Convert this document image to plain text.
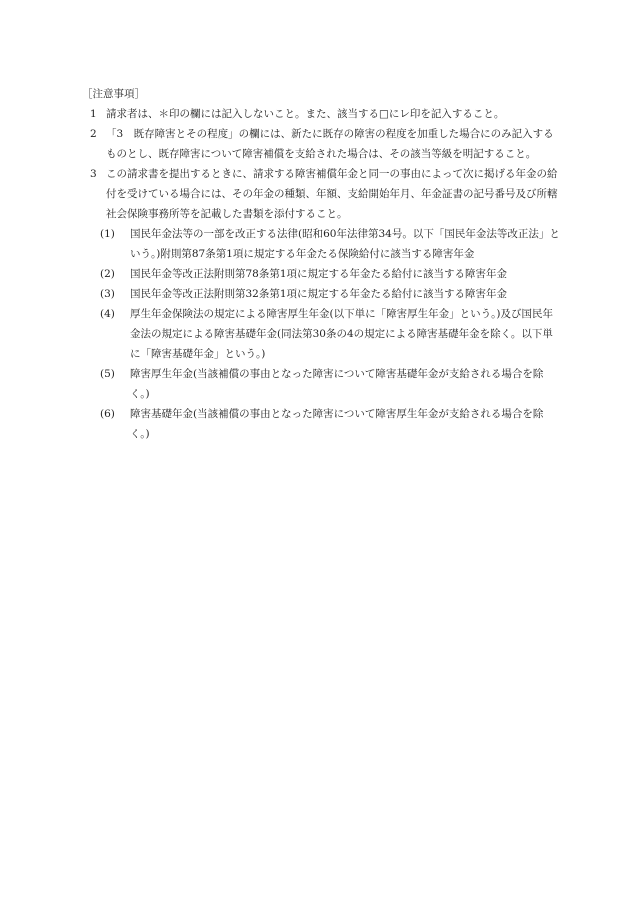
［注意事項］
1 請求者は、＊印の欄には記入しないこと。また、該当する□にレ印を記入すること。
2 「3　既存障害とその程度」の欄には、新たに既存の障害の程度を加重した場合にのみ記入するものとし、既存障害について障害補償を支給された場合は、その該当等級を明記すること。
3 この請求書を提出するときに、請求する障害補償年金と同一の事由によって次に掲げる年金の給付を受けている場合には、その年金の種類、年額、支給開始年月、年金証書の記号番号及び所轄社会保険事務所等を記載した書類を添付すること。
(1) 国民年金法等の一部を改正する法律(昭和60年法律第34号。以下「国民年金法等改正法」という。)附則第87条第1項に規定する年金たる保険給付に該当する障害年金
(2) 国民年金等改正法附則第78条第1項に規定する年金たる給付に該当する障害年金
(3) 国民年金等改正法附則第32条第1項に規定する年金たる給付に該当する障害年金
(4) 厚生年金保険法の規定による障害厚生年金(以下単に「障害厚生年金」という。)及び国民年金法の規定による障害基礎年金(同法第30条の4の規定による障害基礎年金を除く。以下単に「障害基礎年金」という。)
(5) 障害厚生年金(当該補償の事由となった障害について障害基礎年金が支給される場合を除く。)
(6) 障害基礎年金(当該補償の事由となった障害について障害厚生年金が支給される場合を除く。)
